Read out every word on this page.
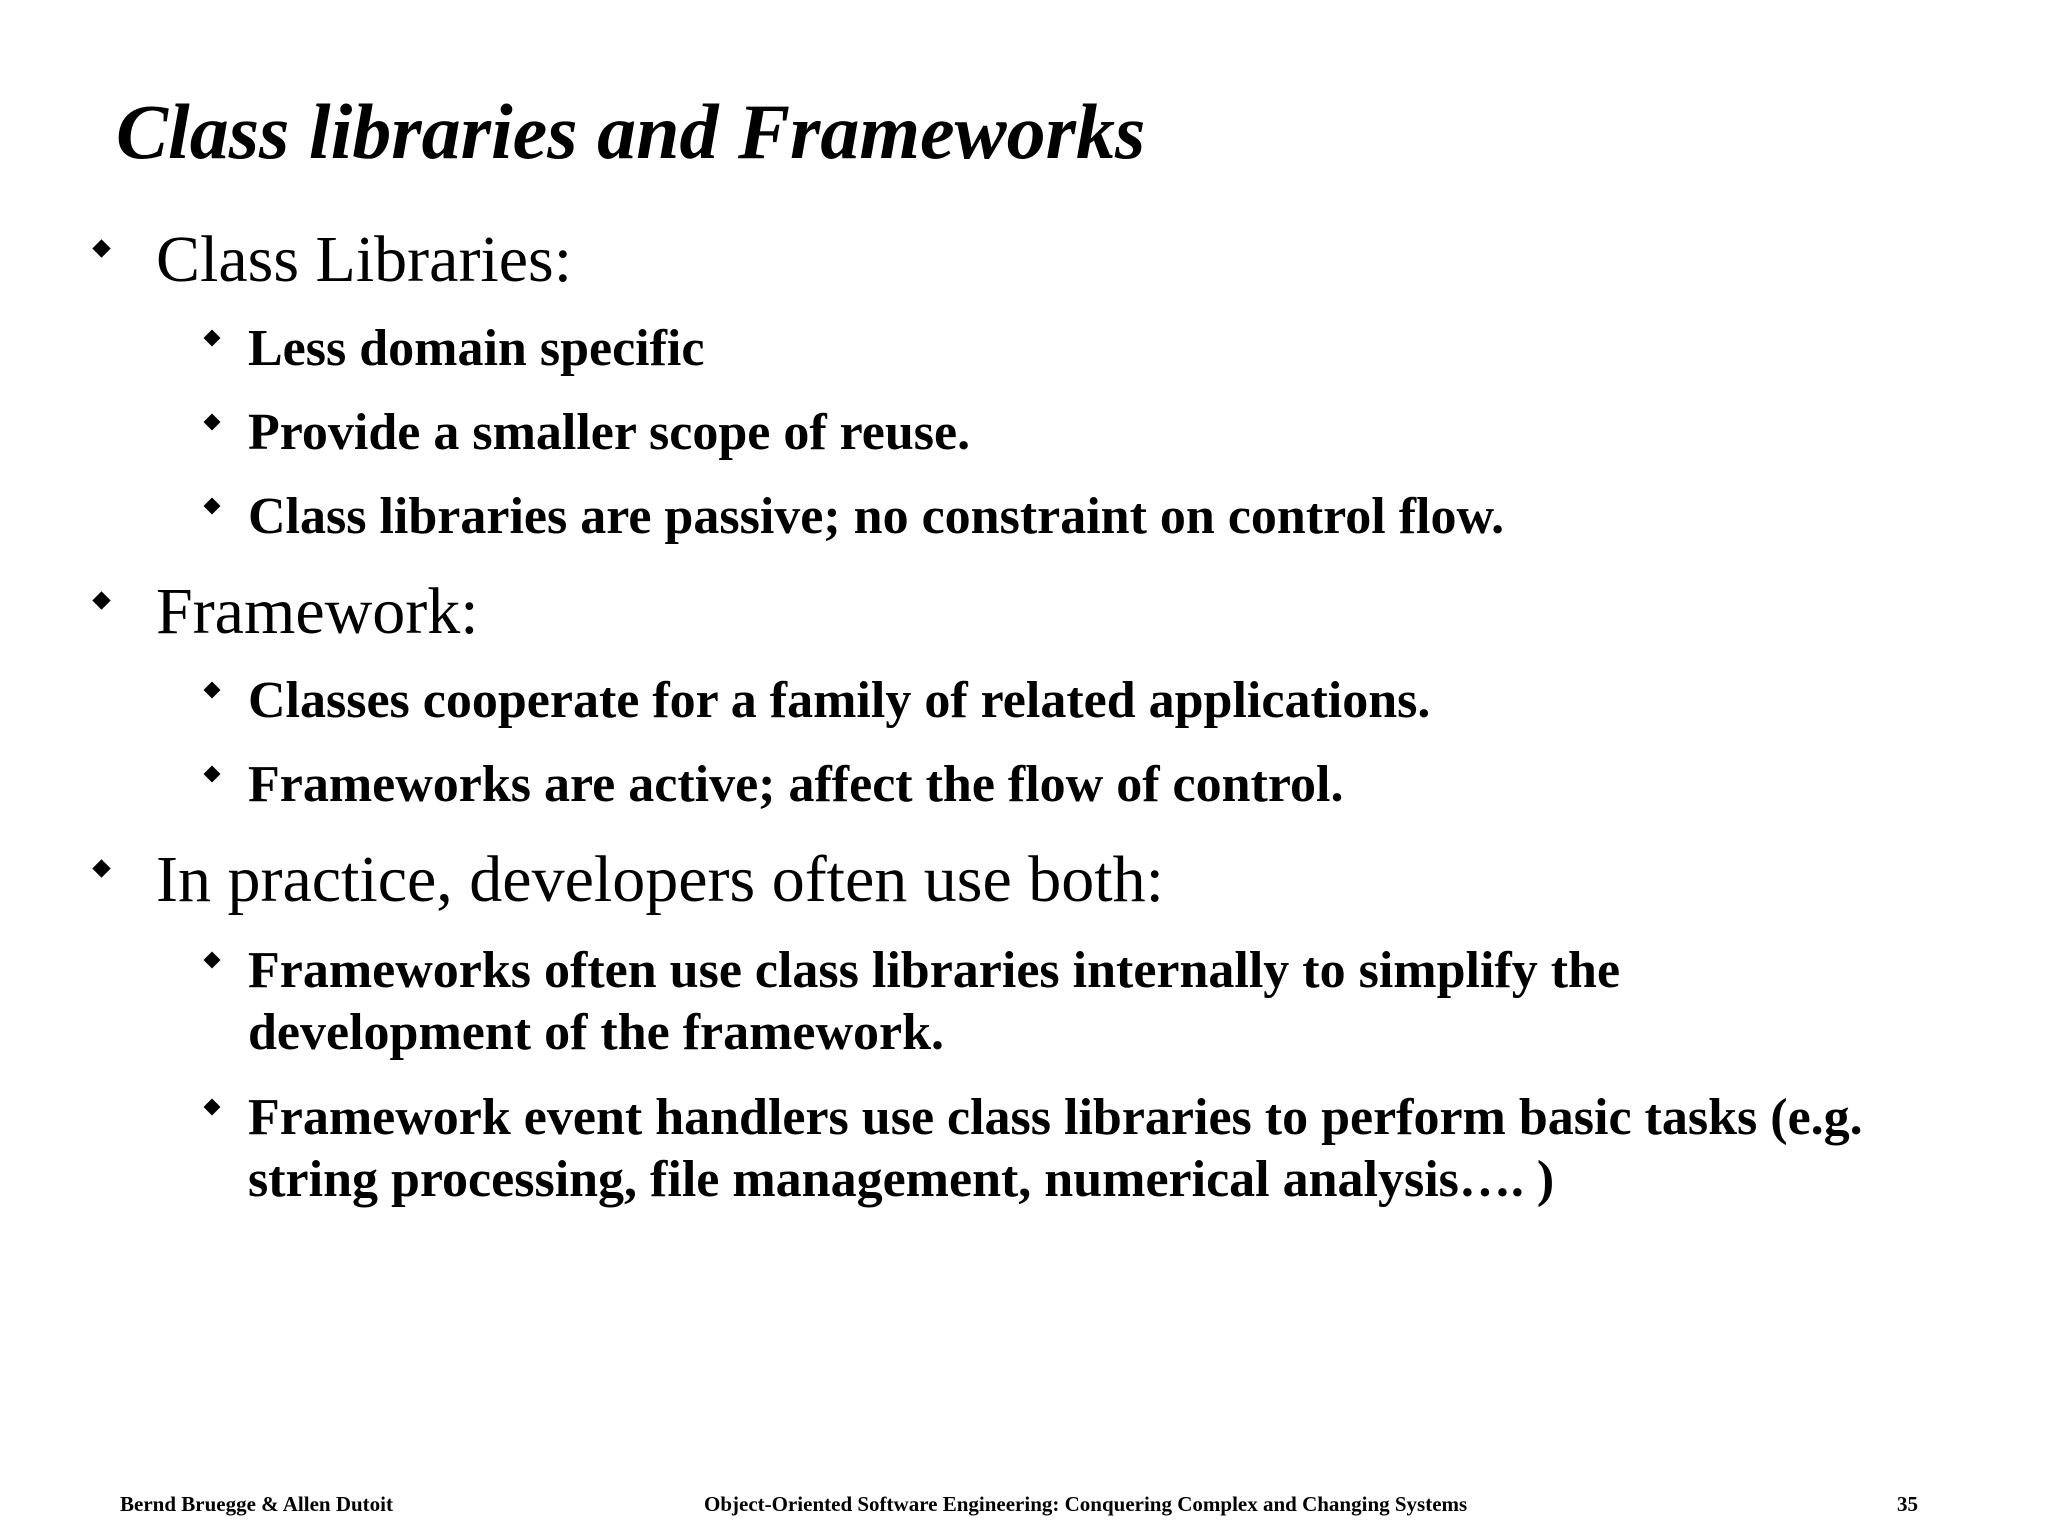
Class libraries and Frameworks
Class Libraries:
Less domain specific
Provide a smaller scope of reuse.
Class libraries are passive; no constraint on control flow.
Framework:
Classes cooperate for a family of related applications.
Frameworks are active; affect the flow of control.
In practice, developers often use both:
Frameworks often use class libraries internally to simplify the development of the framework.
Framework event handlers use class libraries to perform basic tasks (e.g. string processing, file management, numerical analysis…. )
Bernd Bruegge & Allen Dutoit	Object-Oriented Software Engineering: Conquering Complex and Changing Systems	35
